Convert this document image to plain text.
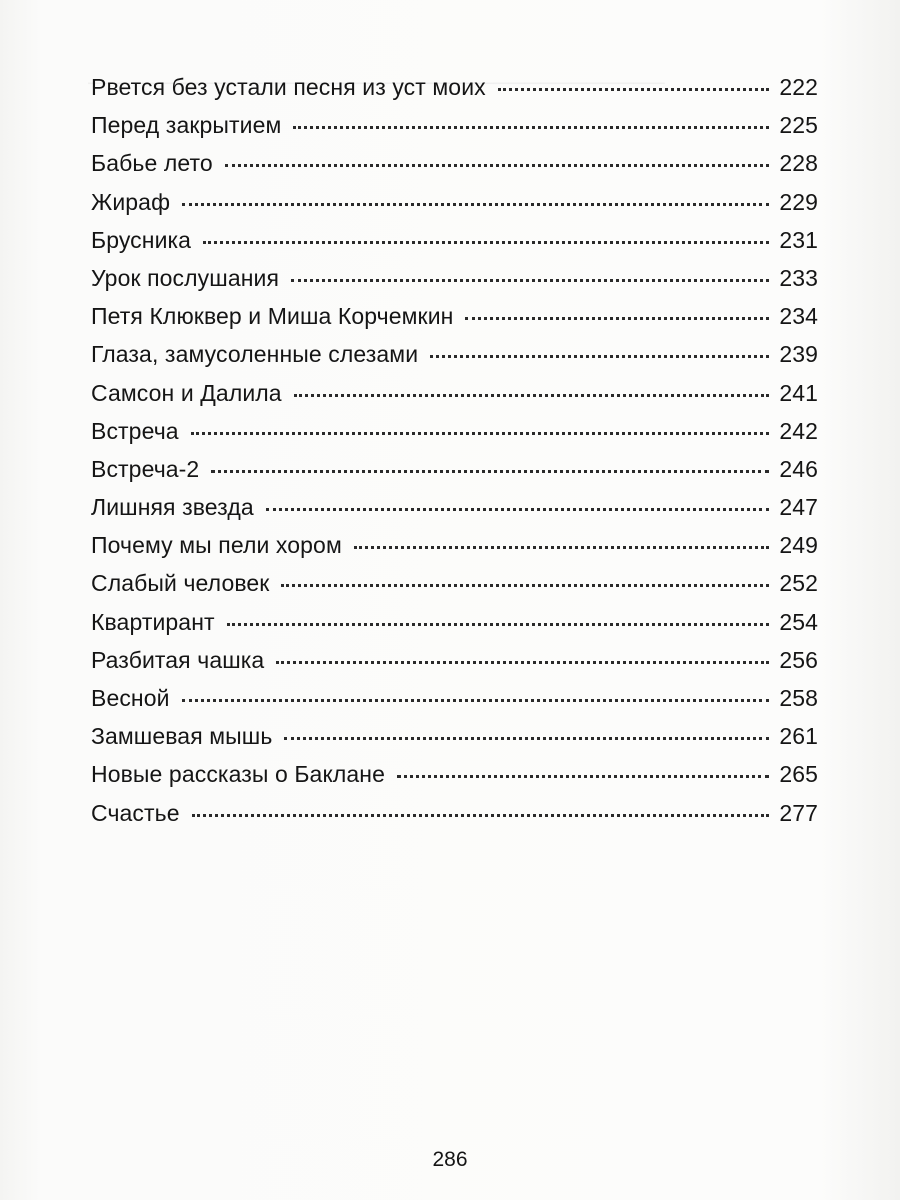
Рвется без устали песня из уст моих	222
Перед закрытием	225
Бабье лето	228
Жираф	229
Брусника	231
Урок послушания	233
Петя Клюквер и Миша Корчемкин	234
Глаза, замусоленные слезами	239
Самсон и Далила	241
Встреча	242
Встреча-2	246
Лишняя звезда	247
Почему мы пели хором	249
Слабый человек	252
Квартирант	254
Разбитая чашка	256
Весной	258
Замшевая мышь	261
Новые рассказы о Баклане	265
Счастье	277
286
